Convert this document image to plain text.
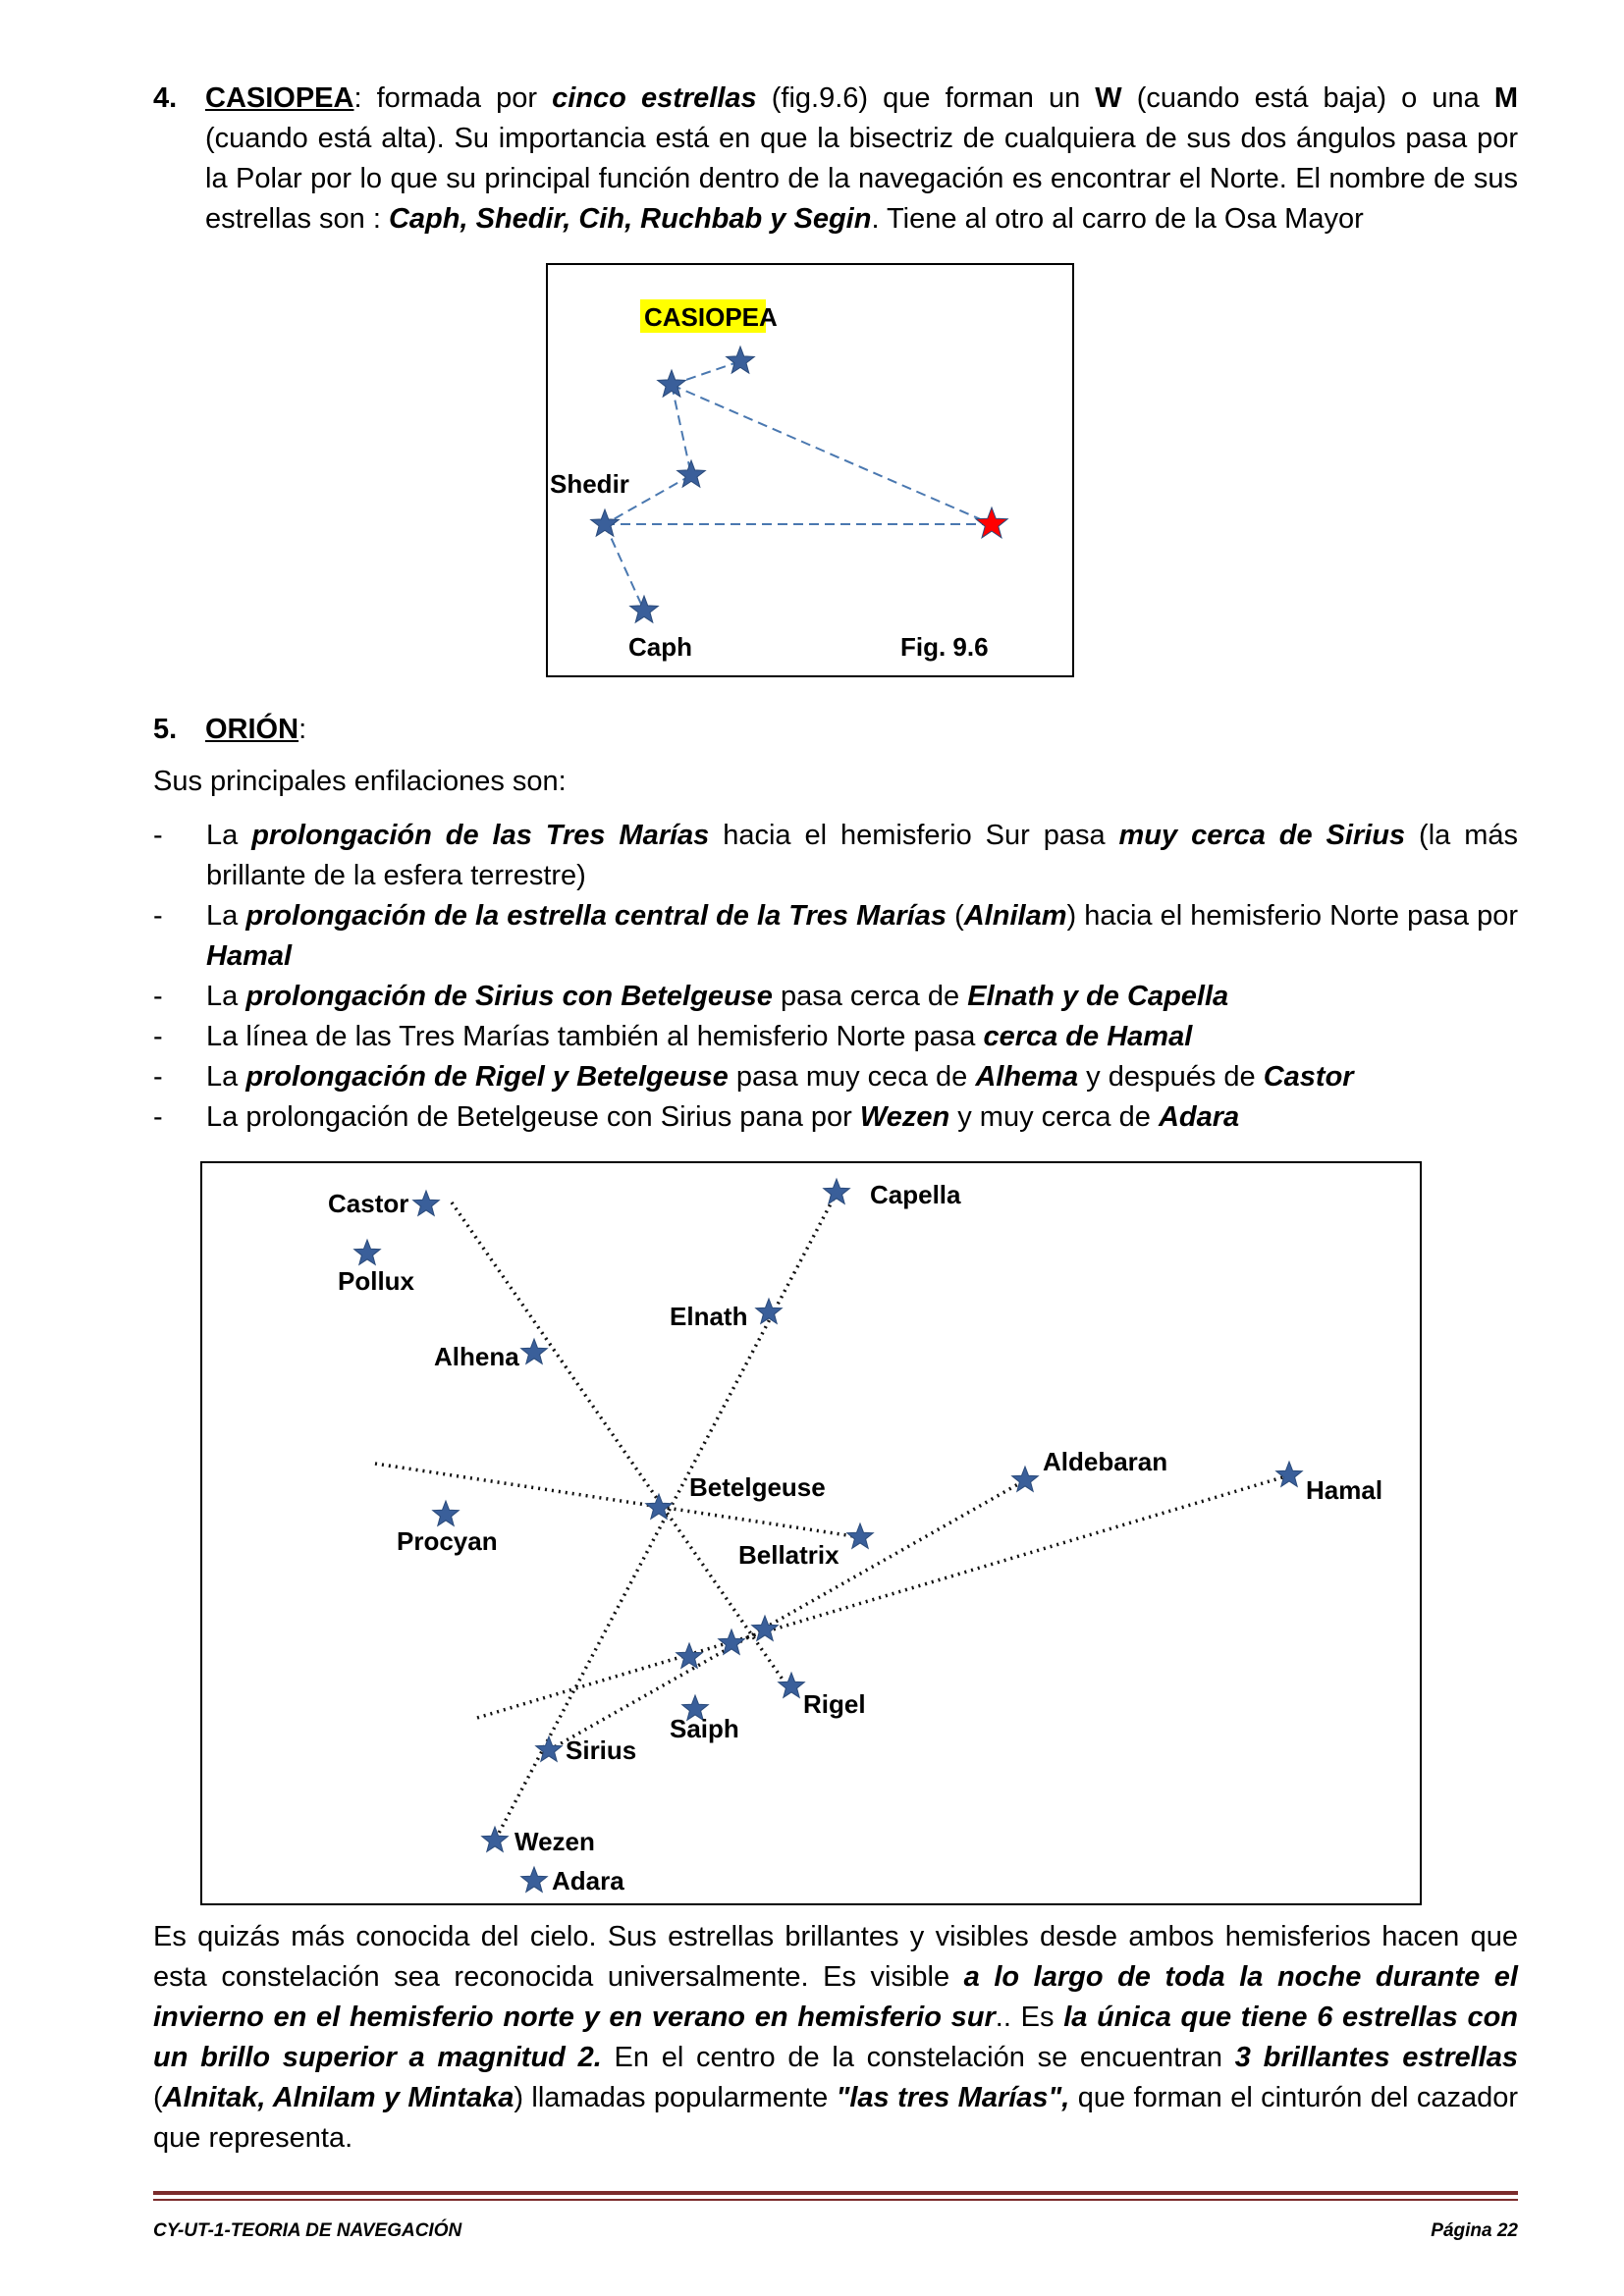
4. CASIOPEA: formada por cinco estrellas (fig.9.6) que forman un W (cuando está baja) o una M (cuando está alta). Su importancia está en que la bisectriz de cualquiera de sus dos ángulos pasa por la Polar por lo que su principal función dentro de la navegación es encontrar el Norte. El nombre de sus estrellas son : Caph, Shedir, Cih, Ruchbab y Segin. Tiene al otro al carro de la Osa Mayor
CASIOPEA
Shedir
Caph	Fig. 9.6
5. ORIÓN:
Sus principales enfilaciones son:
- La prolongación de las Tres Marías hacia el hemisferio Sur pasa muy cerca de Sirius (la más brillante de la esfera terrestre)
- La prolongación de la estrella central de la Tres Marías (Alnilam) hacia el hemisferio Norte pasa por Hamal
- La prolongación de Sirius con Betelgeuse pasa cerca de Elnath y de Capella
- La línea de las Tres Marías también al hemisferio Norte pasa cerca de Hamal
- La prolongación de Rigel y Betelgeuse pasa muy ceca de Alhema y después de Castor
- La prolongación de Betelgeuse con Sirius pana por Wezen y muy cerca de Adara
Castor
Pollux
Capella
Elnath
Alhena
Betelgeuse
Aldebaran
Hamal
Procyan	Bellatrix
Rigel
Saiph
Sirius
Wezen
Adara
Es quizás más conocida del cielo. Sus estrellas brillantes y visibles desde ambos hemisferios hacen que esta constelación sea reconocida universalmente. Es visible a lo largo de toda la noche durante el invierno en el hemisferio norte y en verano en hemisferio sur.. Es la única que tiene 6 estrellas con un brillo superior a magnitud 2. En el centro de la constelación se encuentran 3 brillantes estrellas (Alnitak, Alnilam y Mintaka) llamadas popularmente "las tres Marías", que forman el cinturón del cazador que representa.
CY-UT-1-TEORIA DE NAVEGACIÓN	Página 22
